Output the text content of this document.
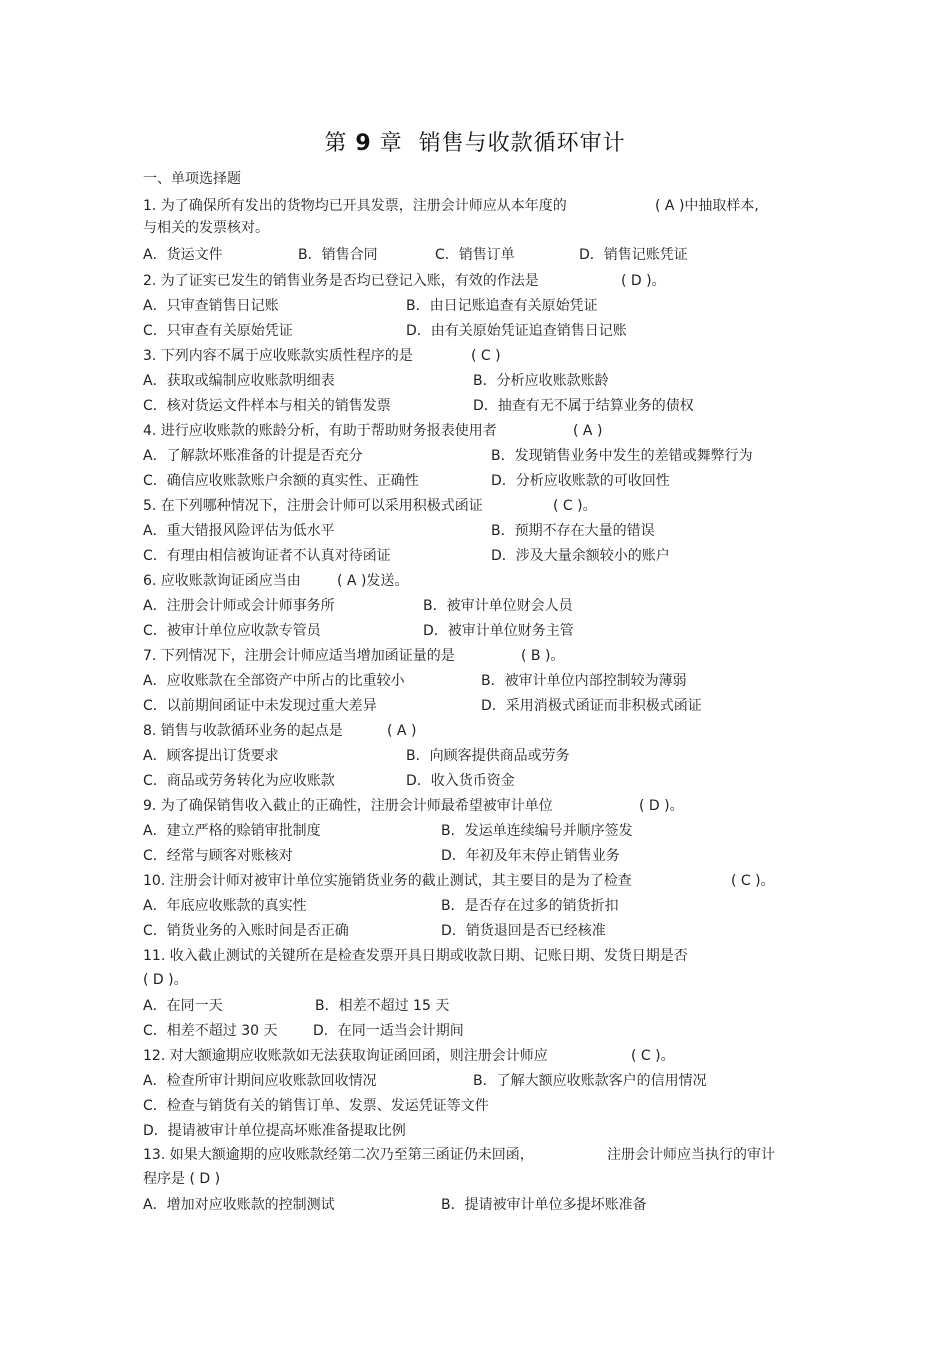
第 9 章 销售与收款循环审计
一、单项选择题
1. 为了确保所有发出的货物均已开具发票，注册会计师应从本年度的	( A )中抽取样本,
与相关的发票核对。
A．货运文件	B．销售合同	C．销售订单	D．销售记账凭证
2. 为了证实已发生的销售业务是否均已登记入账，有效的作法是	( D )。
A．只审查销售日记账	B．由日记账追查有关原始凭证
C．只审查有关原始凭证	D．由有关原始凭证追查销售日记账
3. 下列内容不属于应收账款实质性程序的是	( C )
A．获取或编制应收账款明细表	B．分析应收账款账龄
C．核对货运文件样本与相关的销售发票	D．抽查有无不属于结算业务的债权
4. 进行应收账款的账龄分析，有助于帮助财务报表使用者	( A )
A．了解款坏账准备的计提是否充分	B．发现销售业务中发生的差错或舞弊行为
C．确信应收账款账户余额的真实性、正确性	D．分析应收账款的可收回性
5. 在下列哪种情况下，注册会计师可以采用积极式函证	( C )。
A．重大错报风险评估为低水平	B．预期不存在大量的错误
C．有理由相信被询证者不认真对待函证	D．涉及大量余额较小的账户
6. 应收账款询证函应当由	( A )发送。
A．注册会计师或会计师事务所	B．被审计单位财会人员
C．被审计单位应收款专管员	D．被审计单位财务主管
7. 下列情况下，注册会计师应适当增加函证量的是	( B )。
A．应收账款在全部资产中所占的比重较小	B．被审计单位内部控制较为薄弱
C．以前期间函证中未发现过重大差异	D．采用消极式函证而非积极式函证
8. 销售与收款循环业务的起点是	( A )
A．顾客提出订货要求	B．向顾客提供商品或劳务
C．商品或劳务转化为应收账款	D．收入货币资金
9. 为了确保销售收入截止的正确性，注册会计师最希望被审计单位	( D )。
A．建立严格的赊销审批制度	B．发运单连续编号并顺序签发
C．经常与顾客对账核对	D．年初及年末停止销售业务
10. 注册会计师对被审计单位实施销货业务的截止测试，其主要目的是为了检查	( C )。
A．年底应收账款的真实性	B．是否存在过多的销货折扣
C．销货业务的入账时间是否正确	D．销货退回是否已经核准
11. 收入截止测试的关键所在是检查发票开具日期或收款日期、记账日期、发货日期是否
( D )。
A．在同一天	B．相差不超过 15 天
C．相差不超过 30 天	D．在同一适当会计期间
12. 对大额逾期应收账款如无法获取询证函回函，则注册会计师应	( C )。
A．检查所审计期间应收账款回收情况	B．了解大额应收账款客户的信用情况
C．检查与销货有关的销售订单、发票、发运凭证等文件
D．提请被审计单位提高坏账准备提取比例
13. 如果大额逾期的应收账款经第二次乃至第三函证仍未回函，	注册会计师应当执行的审计
程序是 ( D )
A．增加对应收账款的控制测试	B．提请被审计单位多提坏账准备
